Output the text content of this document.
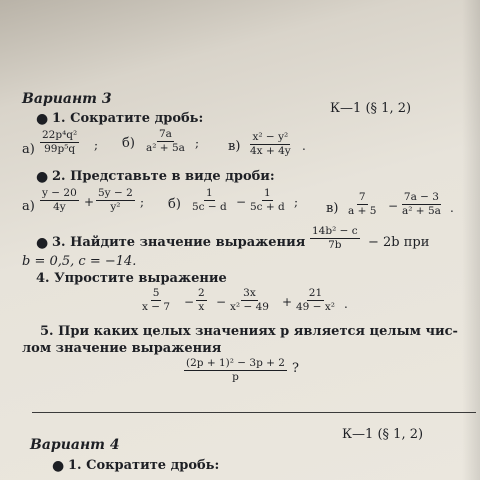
Вариант 3
К—1 (§ 1, 2)
● 1. Сократите дробь:
$а) \frac{\text{22p⁴q²}}{\text{99p⁵q}}$ ; $б) \frac{7a}{\text{a² + 5a}}$ ; $в) \frac{\text{x² − y²}}{4x + 4y}$ .
● 2. Представьте в виде дроби:
$а) \frac{y - 20}{4y} + \frac{5y - 2}{\text{y²}}$ ; $б) \frac{1}{5c - d} - \frac{1}{5c + d}$ ; $в) \frac{7}{a + 5} - \frac{7a - 3}{\text{a² + 5a}}$ .
● 3. Найдите значение выражения $\frac{\text{14b² − c}}{7b} - 2b$ при
b = 0,5, c = −14.
4. Упростите выражение
$\frac{5}{x - 7} - \frac{2}{x} - \frac{3x}{\text{x² − 49}} + \frac{21}{\text{49 − x²}}$ .
5. При каких целых значениях p является целым чис-
лом значение выражения
$\frac{\text{(2p + 1)² − 3p + 2}}{p}$ ?
Вариант 4
К—1 (§ 1, 2)
● 1. Сократите дробь:
